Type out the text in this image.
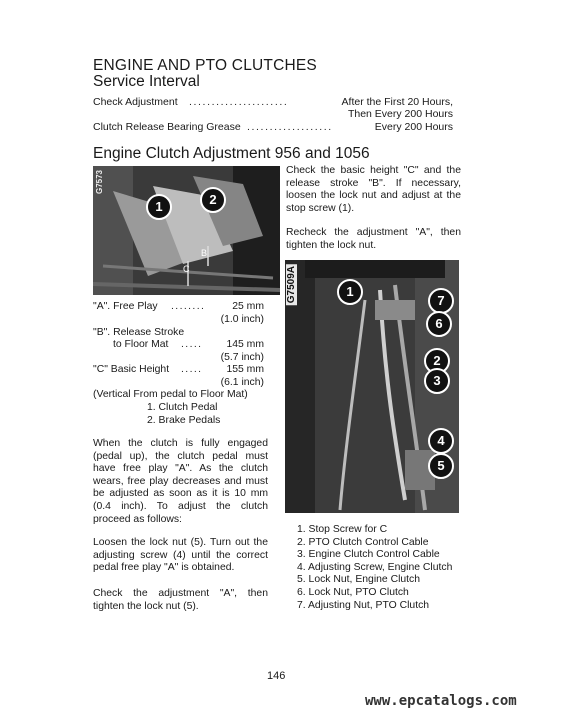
ENGINE AND PTO CLUTCHES
Service Interval
Check Adjustment ......................	After the First 20 Hours,
Then Every 200 Hours
Clutch Release Bearing Grease ...................	Every 200 Hours
Engine Clutch Adjustment 956 and 1056
G7573
1	2
C
B
Check the basic height "C" and the release stroke "B". If necessary, loosen the lock nut and adjust at the stop screw (1).
Recheck the adjustment "A", then tighten the lock nut.
G7509A	1
7
6
2
3
4
5
"A". Free Play ........	25 mm
(1.0 inch)
"B". Release Stroke
to Floor Mat ..... 145 mm
(5.7 inch)
"C" Basic Height ..... 155 mm
(6.1 inch)
(Vertical From pedal to Floor Mat)
1. Clutch Pedal
2. Brake Pedals
When the clutch is fully engaged (pedal up), the clutch pedal must have free play "A". As the clutch wears, free play decreases and must be adjusted as soon as it is 10 mm (0.4 inch). To adjust the clutch proceed as follows:
Loosen the lock nut (5). Turn out the adjusting screw (4) until the correct pedal free play "A" is obtained.
Check the adjustment "A", then tighten the lock nut (5).
1. Stop Screw for C
2. PTO Clutch Control Cable
3. Engine Clutch Control Cable
4. Adjusting Screw, Engine Clutch
5. Lock Nut, Engine Clutch
6. Lock Nut, PTO Clutch
7. Adjusting Nut, PTO Clutch
146
www.epcatalogs.com
